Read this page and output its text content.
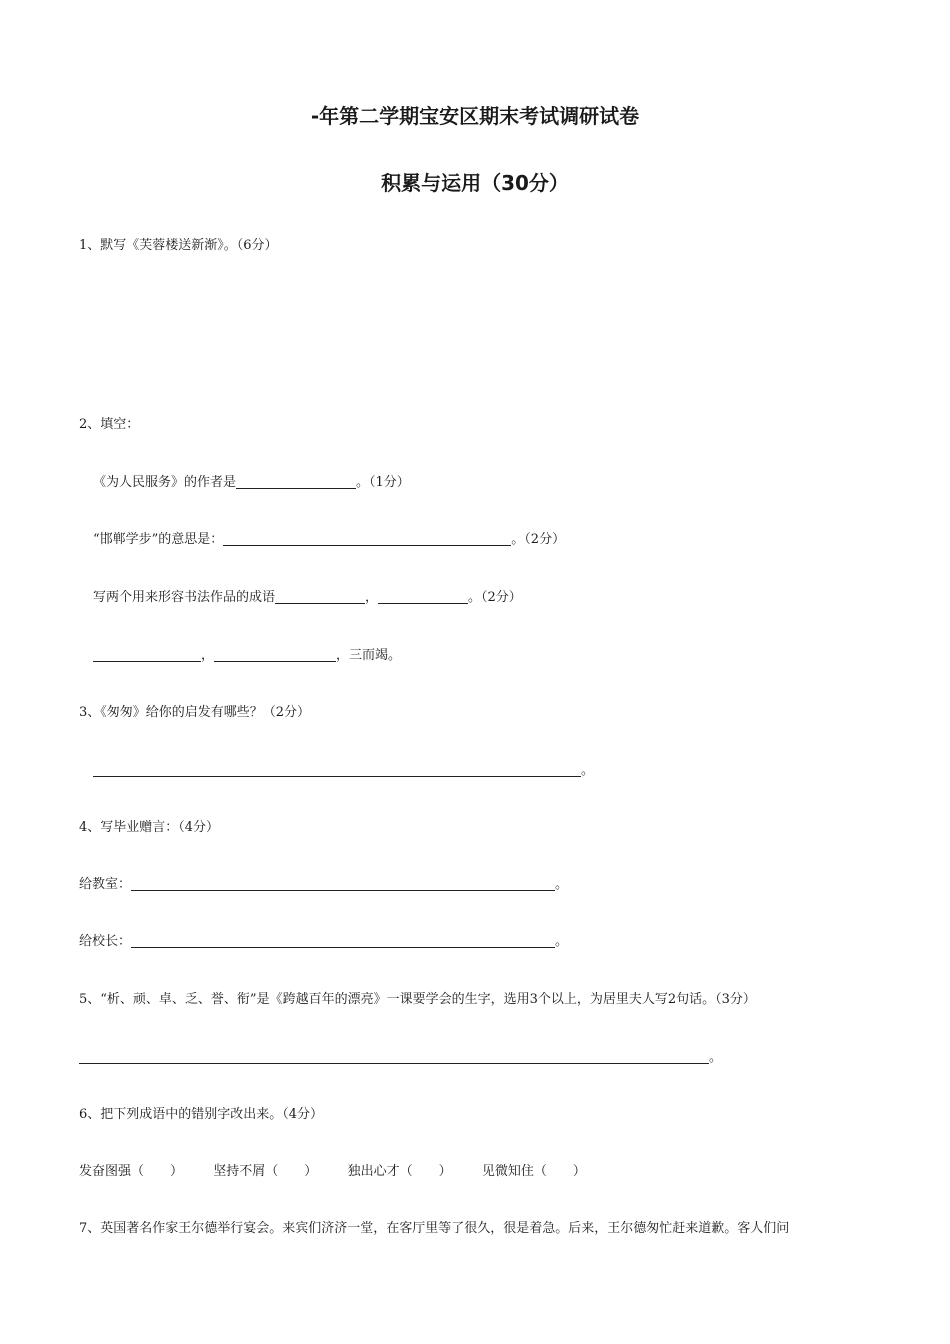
-年第二学期宝安区期末考试调研试卷
积累与运用（30分）
1、默写《芙蓉楼送新渐》。（6分）
2、填空：
《为人民服务》的作者是	。（1分）
“邯郸学步”的意思是：	。（2分）
写两个用来形容书法作品的成语	，	。（2分）
，	，三而竭。
3、《匆匆》给你的启发有哪些？（2分）
。
4、写毕业赠言：（4分）
给教室：	。
给校长：	。
5、“析、顽、卓、乏、誉、衔”是《跨越百年的漂亮》一课要学会的生字，选用3个以上，为居里夫人写2句话。（3分）
。
6、把下列成语中的错别字改出来。（4分）
发奋图强（　　） 坚持不屑（　　） 独出心才（　　） 见微知住（　　）
7、英国著名作家王尔德举行宴会。来宾们济济一堂，在客厅里等了很久，很是着急。后来，王尔德匆忙赶来道歉。客人们问
